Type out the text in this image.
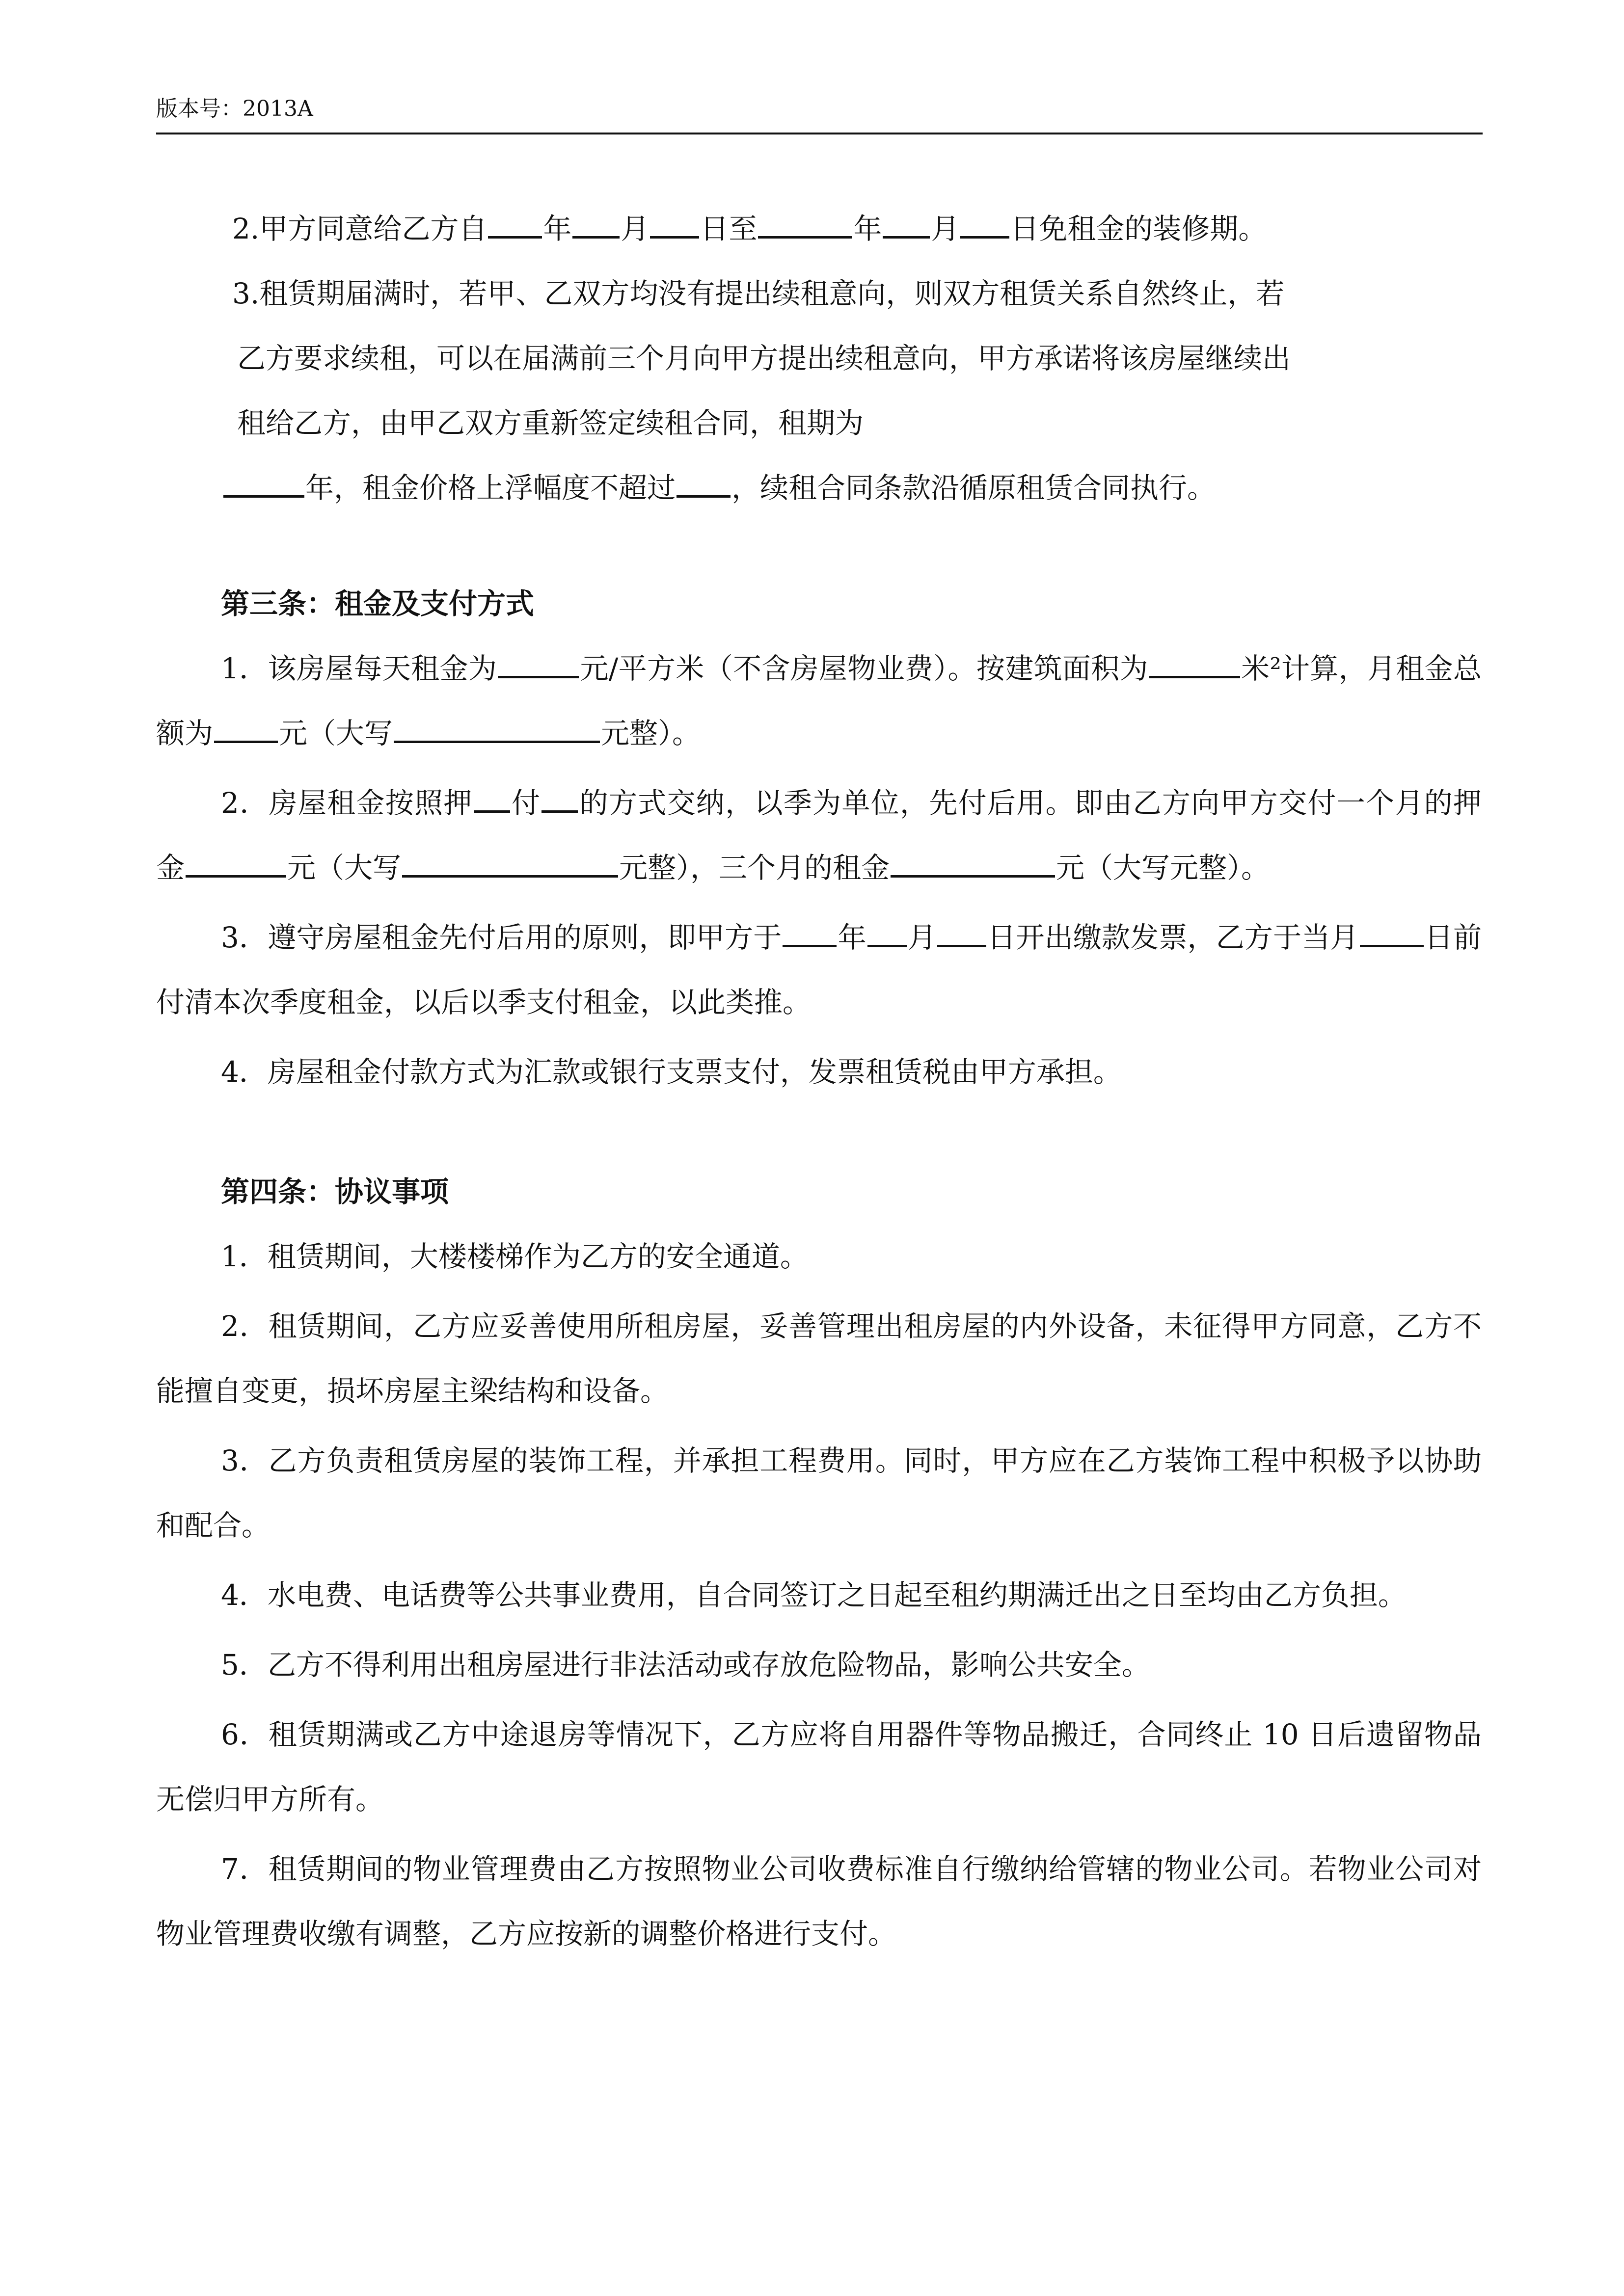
版本号：2013A

2.甲方同意给乙方自 年 月 日至	年 月 日免租金的装修期。

3.租赁期届满时，若甲、乙双方均没有提出续租意向，则双方租赁关系自然终止，若

乙方要求续租，可以在届满前三个月向甲方提出续租意向，甲方承诺将该房屋继续出

租给乙方，由甲乙双方重新签定续租合同，租期为

年，租金价格上浮幅度不超过 ，续租合同条款沿循原租赁合同执行。

第三条：租金及支付方式

1．该房屋每天租金为	元/平方米（不含房屋物业费）。按建筑面积为	米²计算，月租金总额为 元（大写	元整）。

2．房屋租金按照押 付 的方式交纳，以季为单位，先付后用。即由乙方向甲方交付一个月的押金	元（大写	元整），三个月的租金	元（大写元整）。

3．遵守房屋租金先付后用的原则，即甲方于 年 月 日开出缴款发票，乙方于当月 日前付清本次季度租金，以后以季支付租金，以此类推。

4．房屋租金付款方式为汇款或银行支票支付，发票租赁税由甲方承担。

第四条：协议事项

1．租赁期间，大楼楼梯作为乙方的安全通道。

2．租赁期间，乙方应妥善使用所租房屋，妥善管理出租房屋的内外设备，未征得甲方同意，乙方不能擅自变更，损坏房屋主梁结构和设备。

3．乙方负责租赁房屋的装饰工程，并承担工程费用。同时，甲方应在乙方装饰工程中积极予以协助和配合。

4．水电费、电话费等公共事业费用，自合同签订之日起至租约期满迁出之日至均由乙方负担。

5．乙方不得利用出租房屋进行非法活动或存放危险物品，影响公共安全。

6．租赁期满或乙方中途退房等情况下，乙方应将自用器件等物品搬迁，合同终止 10 日后遗留物品无偿归甲方所有。

7．租赁期间的物业管理费由乙方按照物业公司收费标准自行缴纳给管辖的物业公司。若物业公司对物业管理费收缴有调整，乙方应按新的调整价格进行支付。
